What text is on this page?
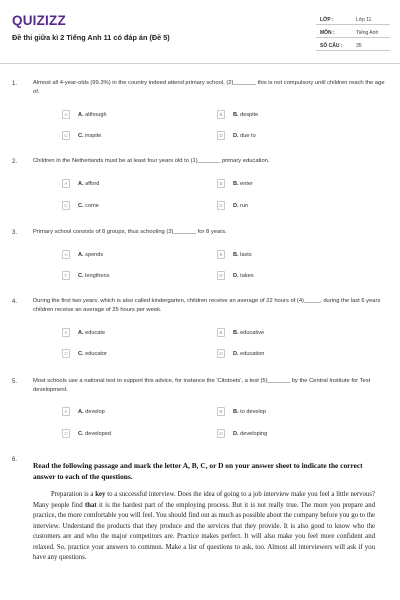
QUIZIZZ
Đề thi giữa kì 2 Tiếng Anh 11 có đáp án (Đề 5)
LỚP :	Lớp 11
MÔN :	Tiếng Anh
SỐ CÂU :	35
1.	Almost all 4-year-olds (99.3%) in the country indeed attend primary school, (2)_______ this is not compulsory until children reach the age of.
A	A. although	B	B. despite
C	C. inspite	D	D. due to
2.	Children in the Netherlands must be at least four years old to (1)_______ primary education.
A	A. afford	B	B. enter
C	C. come	D	D. run
3.	Primary school consists of 8 groups, thus schooling (3)_______ for 8 years.
A	A. spends	B	B. lasts
C	C. lengthens	D	D. takes
4.	During the first two years, which is also called kindergarten, children receive an average of 22 hours of (4)_____, during the last 6 years children receive an average of 25 hours per week.
A	A. educate	B	B. educative
C	C. educator	D	D. education
5.	Most schools use a national test to support this advice, for instance the 'Citotoets', a test (5)_______ by the Central Institute for Test development.
A	A. develop	B	B. to develop
C	C. developed	D	D. developing
6.
Read the following passage and mark the letter A, B, C, or D on your answer sheet to indicate the correct answer to each of the questions.
Preparation is a key to a successful interview. Does the idea of going to a job interview make you feel a little nervous? Many people find that it is the hardest part of the employing process. But it is not really true. The more you prepare and practice, the more comfortable you will feel. You should find out as much as possible about the company before you go to the interview. Understand the products that they produce and the services that they provide. It is also good to know who the customers are and who the major competitors are. Practice makes perfect. It will also make you feel more confident and relaxed. So, practice your answers to common. Make a list of questions to ask, too. Almost all interviewers will ask if you have any questions.
